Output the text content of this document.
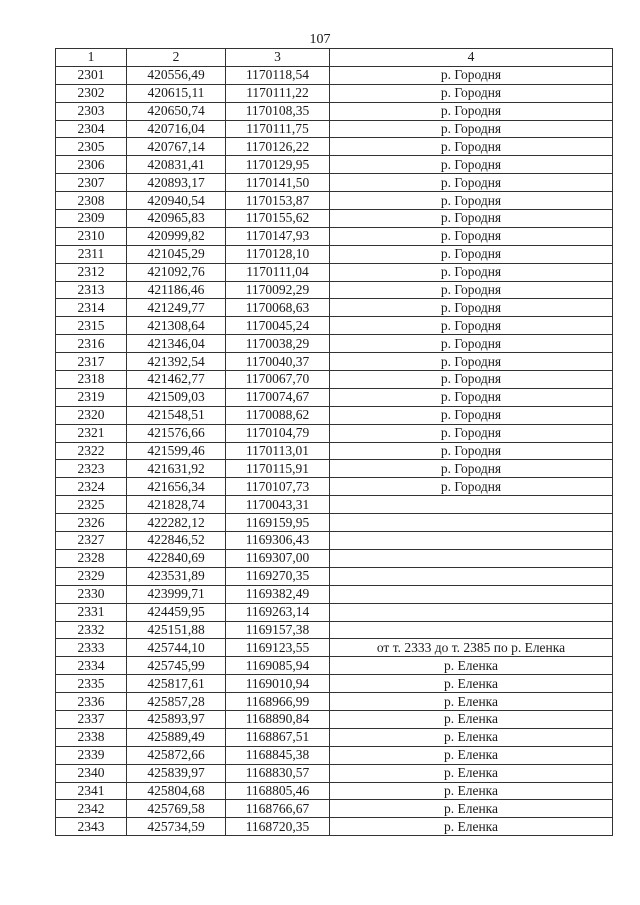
107
1	2	3	4
2301	420556,49	1170118,54	р. Городня
2302	420615,11	1170111,22	р. Городня
2303	420650,74	1170108,35	р. Городня
2304	420716,04	1170111,75	р. Городня
2305	420767,14	1170126,22	р. Городня
2306	420831,41	1170129,95	р. Городня
2307	420893,17	1170141,50	р. Городня
2308	420940,54	1170153,87	р. Городня
2309	420965,83	1170155,62	р. Городня
2310	420999,82	1170147,93	р. Городня
2311	421045,29	1170128,10	р. Городня
2312	421092,76	1170111,04	р. Городня
2313	421186,46	1170092,29	р. Городня
2314	421249,77	1170068,63	р. Городня
2315	421308,64	1170045,24	р. Городня
2316	421346,04	1170038,29	р. Городня
2317	421392,54	1170040,37	р. Городня
2318	421462,77	1170067,70	р. Городня
2319	421509,03	1170074,67	р. Городня
2320	421548,51	1170088,62	р. Городня
2321	421576,66	1170104,79	р. Городня
2322	421599,46	1170113,01	р. Городня
2323	421631,92	1170115,91	р. Городня
2324	421656,34	1170107,73	р. Городня
2325	421828,74	1170043,31	
2326	422282,12	1169159,95	
2327	422846,52	1169306,43	
2328	422840,69	1169307,00	
2329	423531,89	1169270,35	
2330	423999,71	1169382,49	
2331	424459,95	1169263,14	
2332	425151,88	1169157,38	
2333	425744,10	1169123,55	от т. 2333 до т. 2385 по р. Еленка
2334	425745,99	1169085,94	р. Еленка
2335	425817,61	1169010,94	р. Еленка
2336	425857,28	1168966,99	р. Еленка
2337	425893,97	1168890,84	р. Еленка
2338	425889,49	1168867,51	р. Еленка
2339	425872,66	1168845,38	р. Еленка
2340	425839,97	1168830,57	р. Еленка
2341	425804,68	1168805,46	р. Еленка
2342	425769,58	1168766,67	р. Еленка
2343	425734,59	1168720,35	р. Еленка
